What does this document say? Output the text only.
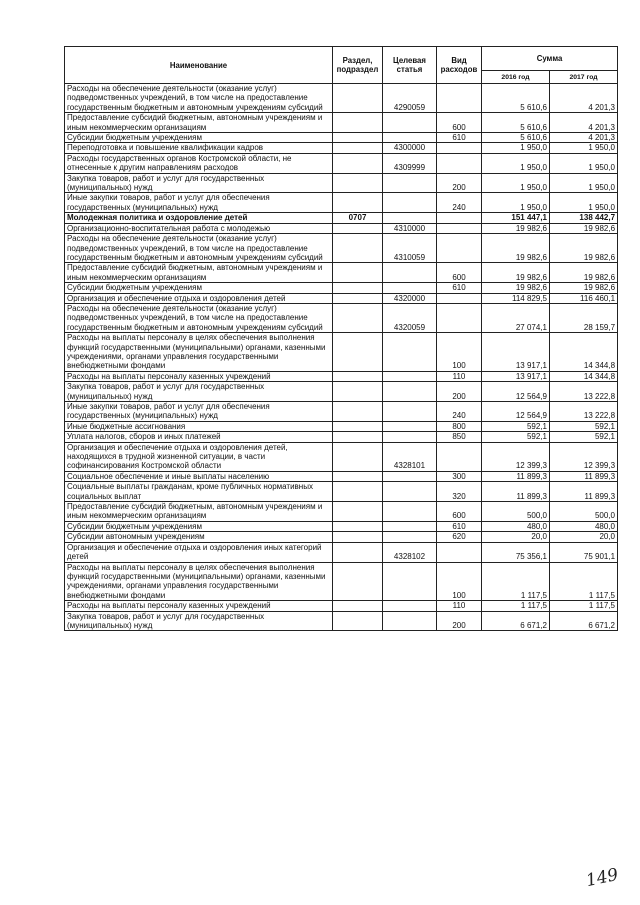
Наименование	Раздел, подраздел	Целевая статья	Вид расходов	Сумма	
				2016 год	2017 год
Расходы на обеспечение деятельности (оказание услуг) подведомственных учреждений, в том числе на предоставление государственным бюджетным и автономным учреждениям субсидий		4290059		5 610,6	4 201,3
Предоставление субсидий бюджетным, автономным учреждениям и иным некоммерческим организациям			600	5 610,6	4 201,3
Субсидии бюджетным учреждениям			610	5 610,6	4 201,3
Переподготовка и повышение квалификации кадров		4300000		1 950,0	1 950,0
Расходы государственных органов Костромской области, не отнесенные к другим направлениям расходов		4309999		1 950,0	1 950,0
Закупка товаров, работ и услуг для государственных (муниципальных) нужд			200	1 950,0	1 950,0
Иные закупки товаров, работ и услуг для обеспечения государственных (муниципальных) нужд			240	1 950,0	1 950,0
Молодежная политика и оздоровление детей	0707			151 447,1	138 442,7
Организационно-воспитательная работа с молодежью		4310000		19 982,6	19 982,6
Расходы на обеспечение деятельности (оказание услуг) подведомственных учреждений, в том числе на предоставление государственным бюджетным и автономным учреждениям субсидий		4310059		19 982,6	19 982,6
Предоставление субсидий бюджетным, автономным учреждениям и иным некоммерческим организациям			600	19 982,6	19 982,6
Субсидии бюджетным учреждениям			610	19 982,6	19 982,6
Организация и обеспечение отдыха и оздоровления детей		4320000		114 829,5	116 460,1
Расходы на обеспечение деятельности (оказание услуг) подведомственных учреждений, в том числе на предоставление государственным бюджетным и автономным учреждениям субсидий		4320059		27 074,1	28 159,7
Расходы на выплаты персоналу в целях обеспечения выполнения функций государственными (муниципальными) органами, казенными учреждениями, органами управления государственными внебюджетными фондами			100	13 917,1	14 344,8
Расходы на выплаты персоналу казенных учреждений			110	13 917,1	14 344,8
Закупка товаров, работ и услуг для государственных (муниципальных) нужд			200	12 564,9	13 222,8
Иные закупки товаров, работ и услуг для обеспечения государственных (муниципальных) нужд			240	12 564,9	13 222,8
Иные бюджетные ассигнования			800	592,1	592,1
Уплата налогов, сборов и иных платежей			850	592,1	592,1
Организация и обеспечение отдыха и оздоровления детей, находящихся в трудной жизненной ситуации, в части софинансирования Костромской области		4328101		12 399,3	12 399,3
Социальное обеспечение и иные выплаты населению			300	11 899,3	11 899,3
Социальные выплаты гражданам, кроме публичных нормативных социальных выплат			320	11 899,3	11 899,3
Предоставление субсидий бюджетным, автономным учреждениям и иным некоммерческим организациям			600	500,0	500,0
Субсидии бюджетным учреждениям			610	480,0	480,0
Субсидии автономным учреждениям			620	20,0	20,0
Организация и обеспечение отдыха и оздоровления иных категорий детей		4328102		75 356,1	75 901,1
Расходы на выплаты персоналу в целях обеспечения выполнения функций государственными (муниципальными) органами, казенными учреждениями, органами управления государственными внебюджетными фондами			100	1 117,5	1 117,5
Расходы на выплаты персоналу казенных учреждений			110	1 117,5	1 117,5
Закупка товаров, работ и услуг для государственных (муниципальных) нужд			200	6 671,2	6 671,2
149
